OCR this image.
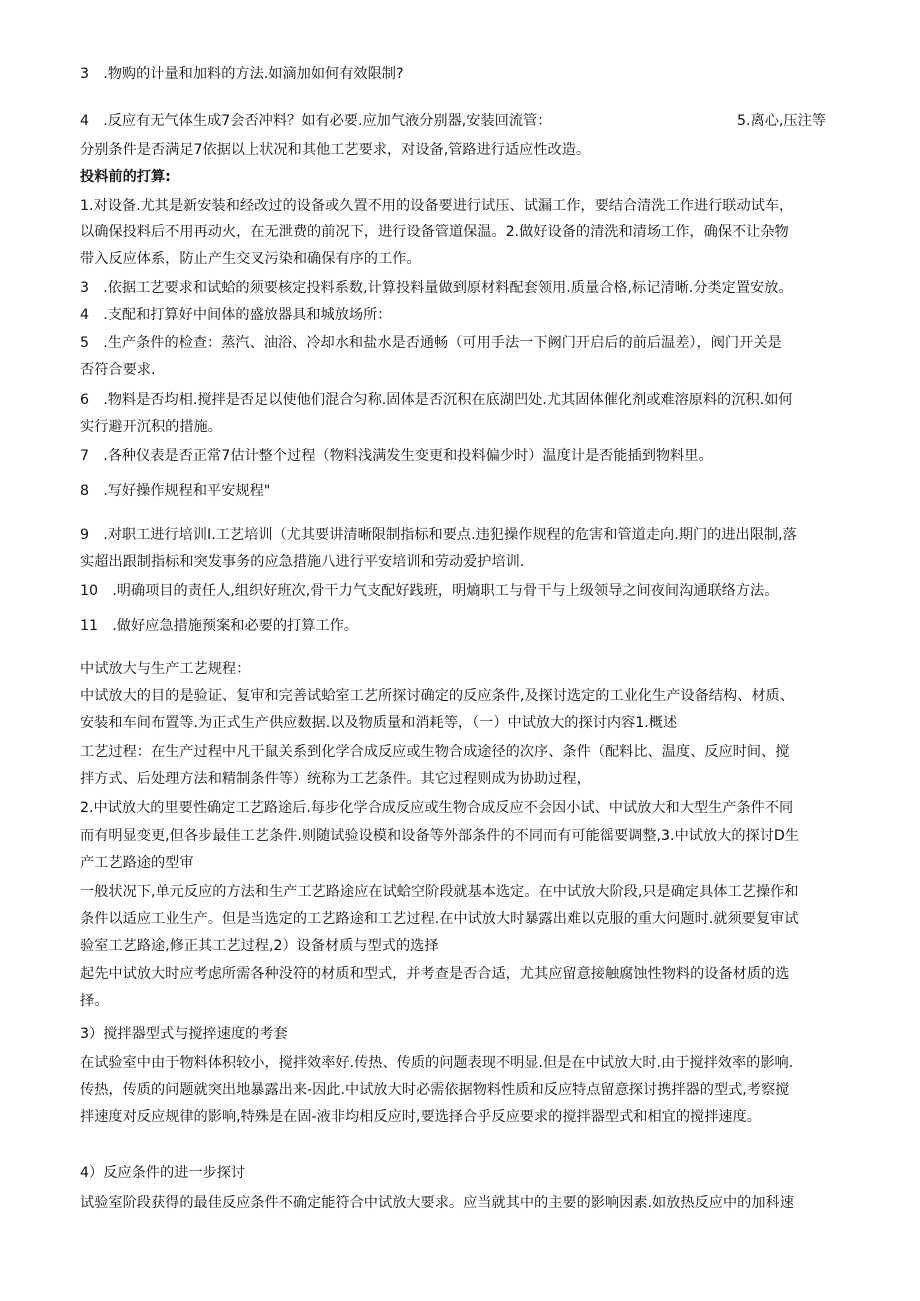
3　.物购的计量和加料的方法.如滴加如何有效限制?
4　.反应有无气体生成7会否冲料？如有必要.应加气液分别器,安装回流管：	5.离心,压注等
分别条件是否满足7依据以上状况和其他工艺要求，对设备,管路进行适应性改造。
投料前的打算:
1.对设备.尤其是新安装和经改过的设备或久置不用的设备要进行试压、试漏工作，要结合清洗工作进行联动试车，
以确保投料后不用再动火，在无泄费的前况下，进行设备管道保温。2.做好设备的清洗和清场工作，确保不让杂物
带入反应体系，防止产生交叉污染和确保有序的工作。
3　.依据工艺要求和试蛤的须要核定投料系数,计算投料量做到原材料配套领用.质量合格,标记清晰.分类定置安放。
4　.支配和打算好中间体的盛放器具和城放场所：
5　.生产条件的检查：蒸汽、油浴、冷却水和盐水是否通畅（可用手法一下阙门开启后的前后温差），阀门开关是
否符合要求.
6　.物料是否均相.搅拌是否足以使他们混合匀称.固体是否沉积在底湖凹处.尤其固体催化剂或难溶原料的沉积.如何
实行避开沉积的措施。
7　.各种仪表是否正常7估计整个过程（物料浅满发生变更和投料偏少时）温度计是否能插到物料里。
8　.写好操作规程和平安规程"
9　.对职工进行培训I.工艺培训（尤其要讲清晰限制指标和要点.违犯操作规程的危害和管道走向.期门的进出限制,落
实超出跟制指标和突发事务的应急措施八进行平安培训和劳动爱护培训.
10　.明确项目的责任人,组织好班次,骨干力气支配好践班，明熵职工与骨干与上级领导之间夜间沟通联络方法。
11　.做好应急措施预案和必要的打算工作。
中试放大与生产工艺规程：
中试放大的目的是验证、复审和完善试蛤室工艺所探讨确定的反应条件,及探讨选定的工业化生产设备结构、材质、
安装和车间布置等.为正式生产供应数据.以及物质量和消耗等，（一）中试放大的探讨内容1.概述
工艺过程：在生产过程中凡干鼠关系到化学合成反应或生物合成途径的次序、条件（配料比、温度、反应时间、搅
拌方式、后处理方法和精制条件等）统称为工艺条件。其它过程则成为协助过程，
2.中试放大的里要性确定工艺路途后.每步化学合成反应或生物合成反应不会因小试、中试放大和大型生产条件不同
而有明显变更,但各步最佳工艺条件.则随试验设模和设备等外部条件的不同而有可能徭要调整,3.中试放大的探讨D生
产工艺路途的型审
一般状况下,单元反应的方法和生产工艺路途应在试蛤空阶段就基本选定。在中试放大阶段,只是确定具体工艺操作和
条件以适应工业生产。但是当选定的工艺路途和工艺过程.在中试放大时暴露出难以克服的重大问题时.就须要复审试
验室工艺路途,修正其工艺过程,2）设备材质与型式的选择
起先中试放大时应考虑所需各种没符的材质和型式，并考查是否合适，尤其应留意接触腐蚀性物料的设备材质的选
择。
3）搅拌器型式与搅捽速度的考套
在试验室中由于物料体积较小，搅拌效率好.传热、传质的问题表现不明显.但是在中试放大时.由于搅拌效率的影响.
传热，传质的问题就突出地暴露出来-因此.中试放大时必需依据物料性质和反应特点留意探讨携拌器的型式,考察搅
拌速度对反应规律的影响,特殊是在固-液非均相反应时,要选择合乎反应要求的搅拌器型式和相宜的搅拌速度。
4）反应条件的进一步探讨
试验室阶段获得的最佳反应条件不确定能符合中试放大要求。应当就其中的主要的影响因素.如放热反应中的加科速
